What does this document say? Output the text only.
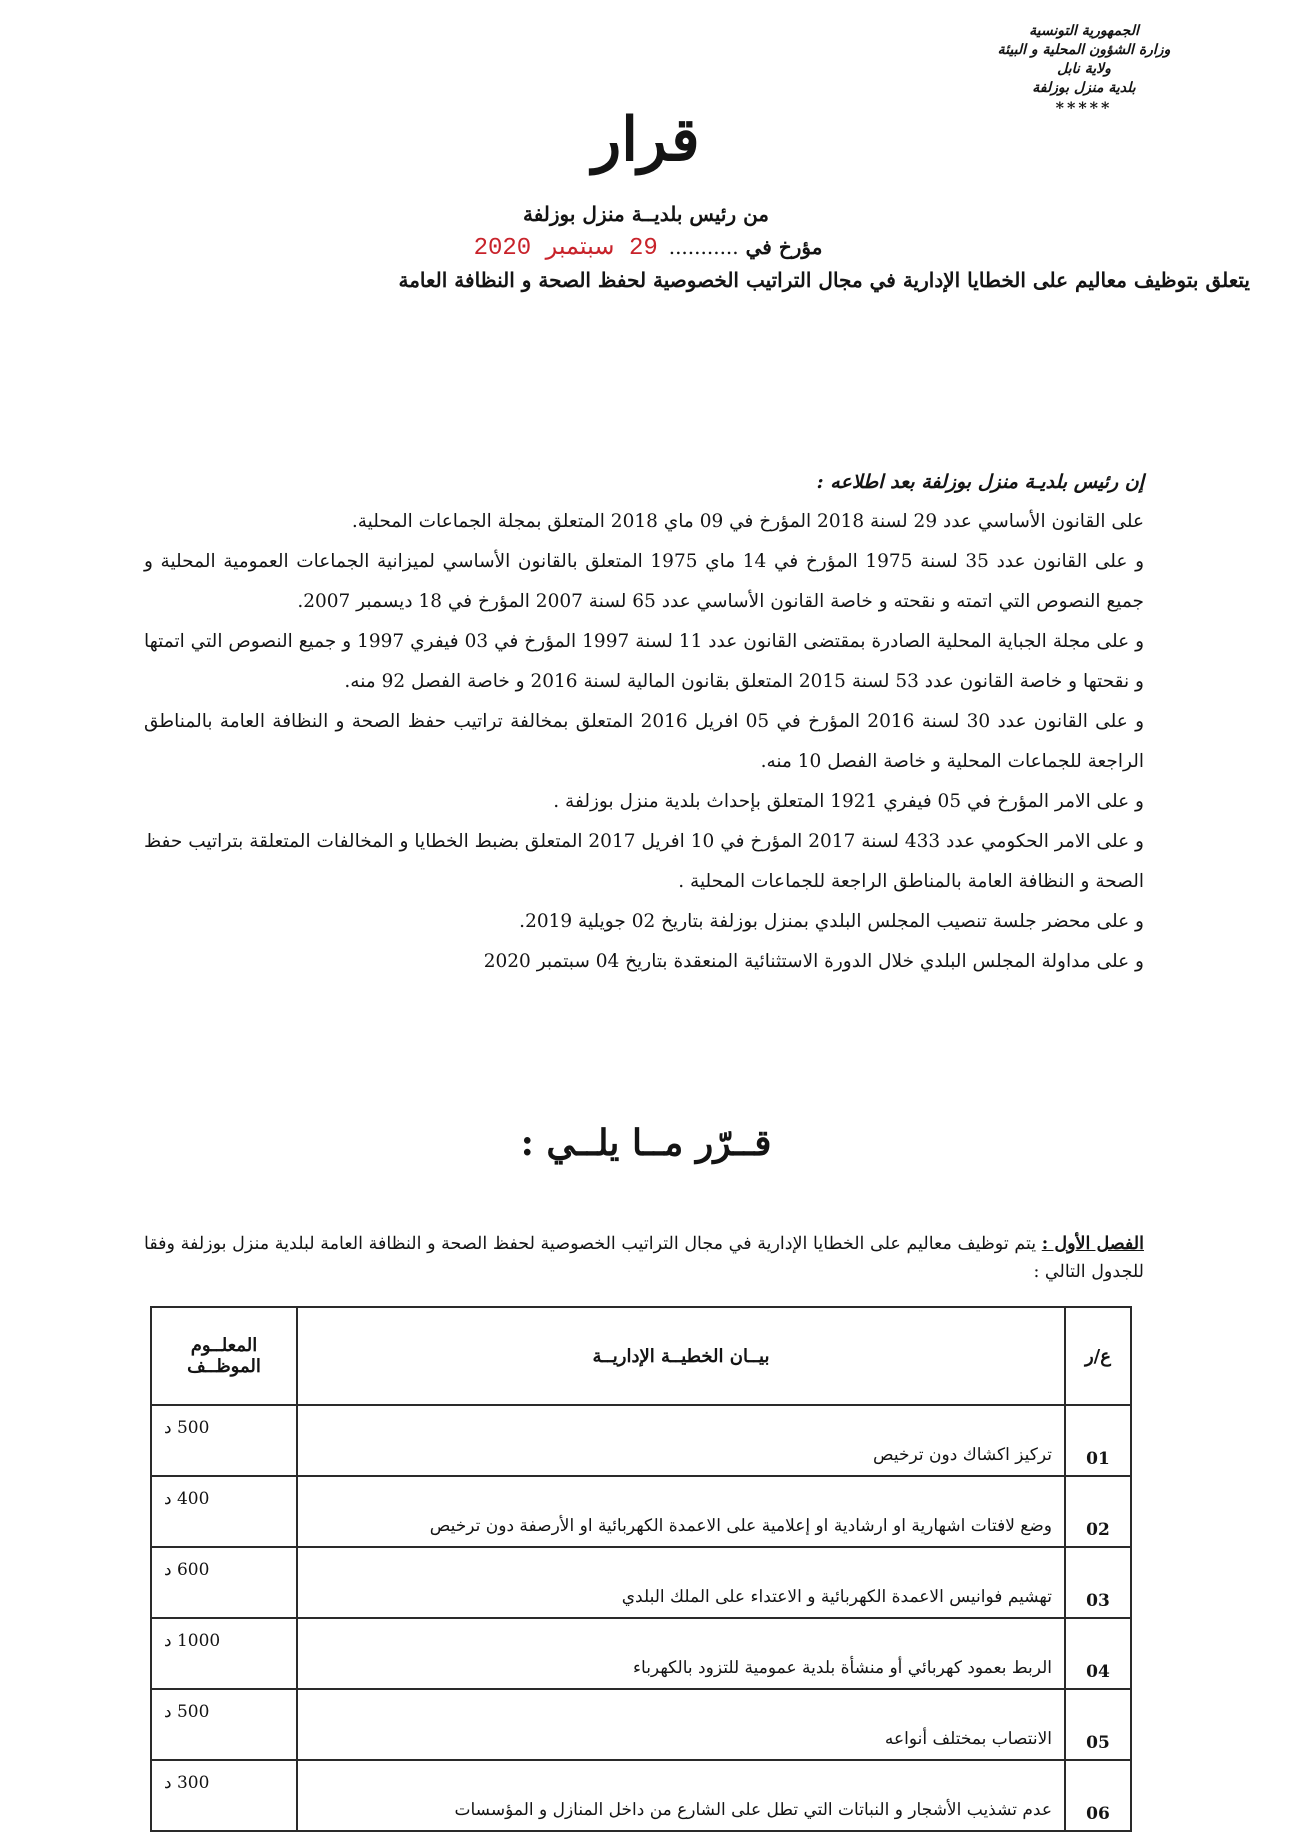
الجمهورية التونسية
وزارة الشؤون المحلية و البيئة
ولاية نابل
بلدية منزل بوزلفة
*****
قرار
من رئيس بلديــة منزل بوزلفة
مؤرخ في ........... 29 سبتمبر 2020
يتعلق بتوظيف معاليم على الخطايا الإدارية في مجال التراتيب الخصوصية لحفظ الصحة و النظافة العامة

إن رئيس بلديـة منزل بوزلفة بعد اطلاعه :

على القانون الأساسي عدد 29 لسنة 2018 المؤرخ في 09 ماي 2018 المتعلق بمجلة الجماعات المحلية.

و على القانون عدد 35 لسنة 1975 المؤرخ في 14 ماي 1975 المتعلق بالقانون الأساسي لميزانية الجماعات العمومية المحلية و جميع النصوص التي اتمته و نقحته و خاصة القانون الأساسي عدد 65 لسنة 2007 المؤرخ في 18 ديسمبر 2007.

و على مجلة الجباية المحلية الصادرة بمقتضى القانون عدد 11 لسنة 1997 المؤرخ في 03 فيفري 1997 و جميع النصوص التي اتمتها و نقحتها و خاصة القانون عدد 53 لسنة 2015 المتعلق بقانون المالية لسنة 2016 و خاصة الفصل 92 منه.

و على القانون عدد 30 لسنة 2016 المؤرخ في 05 افريل 2016 المتعلق بمخالفة تراتيب حفظ الصحة و النظافة العامة بالمناطق الراجعة للجماعات المحلية و خاصة الفصل 10 منه.

و على الامر المؤرخ في 05 فيفري 1921 المتعلق بإحداث بلدية منزل بوزلفة .

و على الامر الحكومي عدد 433 لسنة 2017 المؤرخ في 10 افريل 2017 المتعلق بضبط الخطايا و المخالفات المتعلقة بتراتيب حفظ الصحة و النظافة العامة بالمناطق الراجعة للجماعات المحلية .

و على محضر جلسة تنصيب المجلس البلدي بمنزل بوزلفة بتاريخ 02 جويلية 2019.

و على مداولة المجلس البلدي خلال الدورة الاستثنائية المنعقدة بتاريخ 04 سبتمبر 2020

قــرّر مــا يلــي :
الفصل الأول : يتم توظيف معاليم على الخطايا الإدارية في مجال التراتيب الخصوصية لحفظ الصحة و النظافة العامة لبلدية منزل بوزلفة وفقا للجدول التالي :
ع/ر	بيــان الخطيــة الإداريــة	المعلــوم الموظــف
01	تركيز اكشاك دون ترخيص	500 د
02	وضع لافتات اشهارية او ارشادية او إعلامية على الاعمدة الكهربائية او الأرصفة دون ترخيص	400 د
03	تهشيم فوانيس الاعمدة الكهربائية و الاعتداء على الملك البلدي	600 د
04	الربط بعمود كهربائي أو منشأة بلدية عمومية للتزود بالكهرباء	1000 د
05	الانتصاب بمختلف أنواعه	500 د
06	عدم تشذيب الأشجار و النباتات التي تطل على الشارع من داخل المنازل و المؤسسات	300 د
